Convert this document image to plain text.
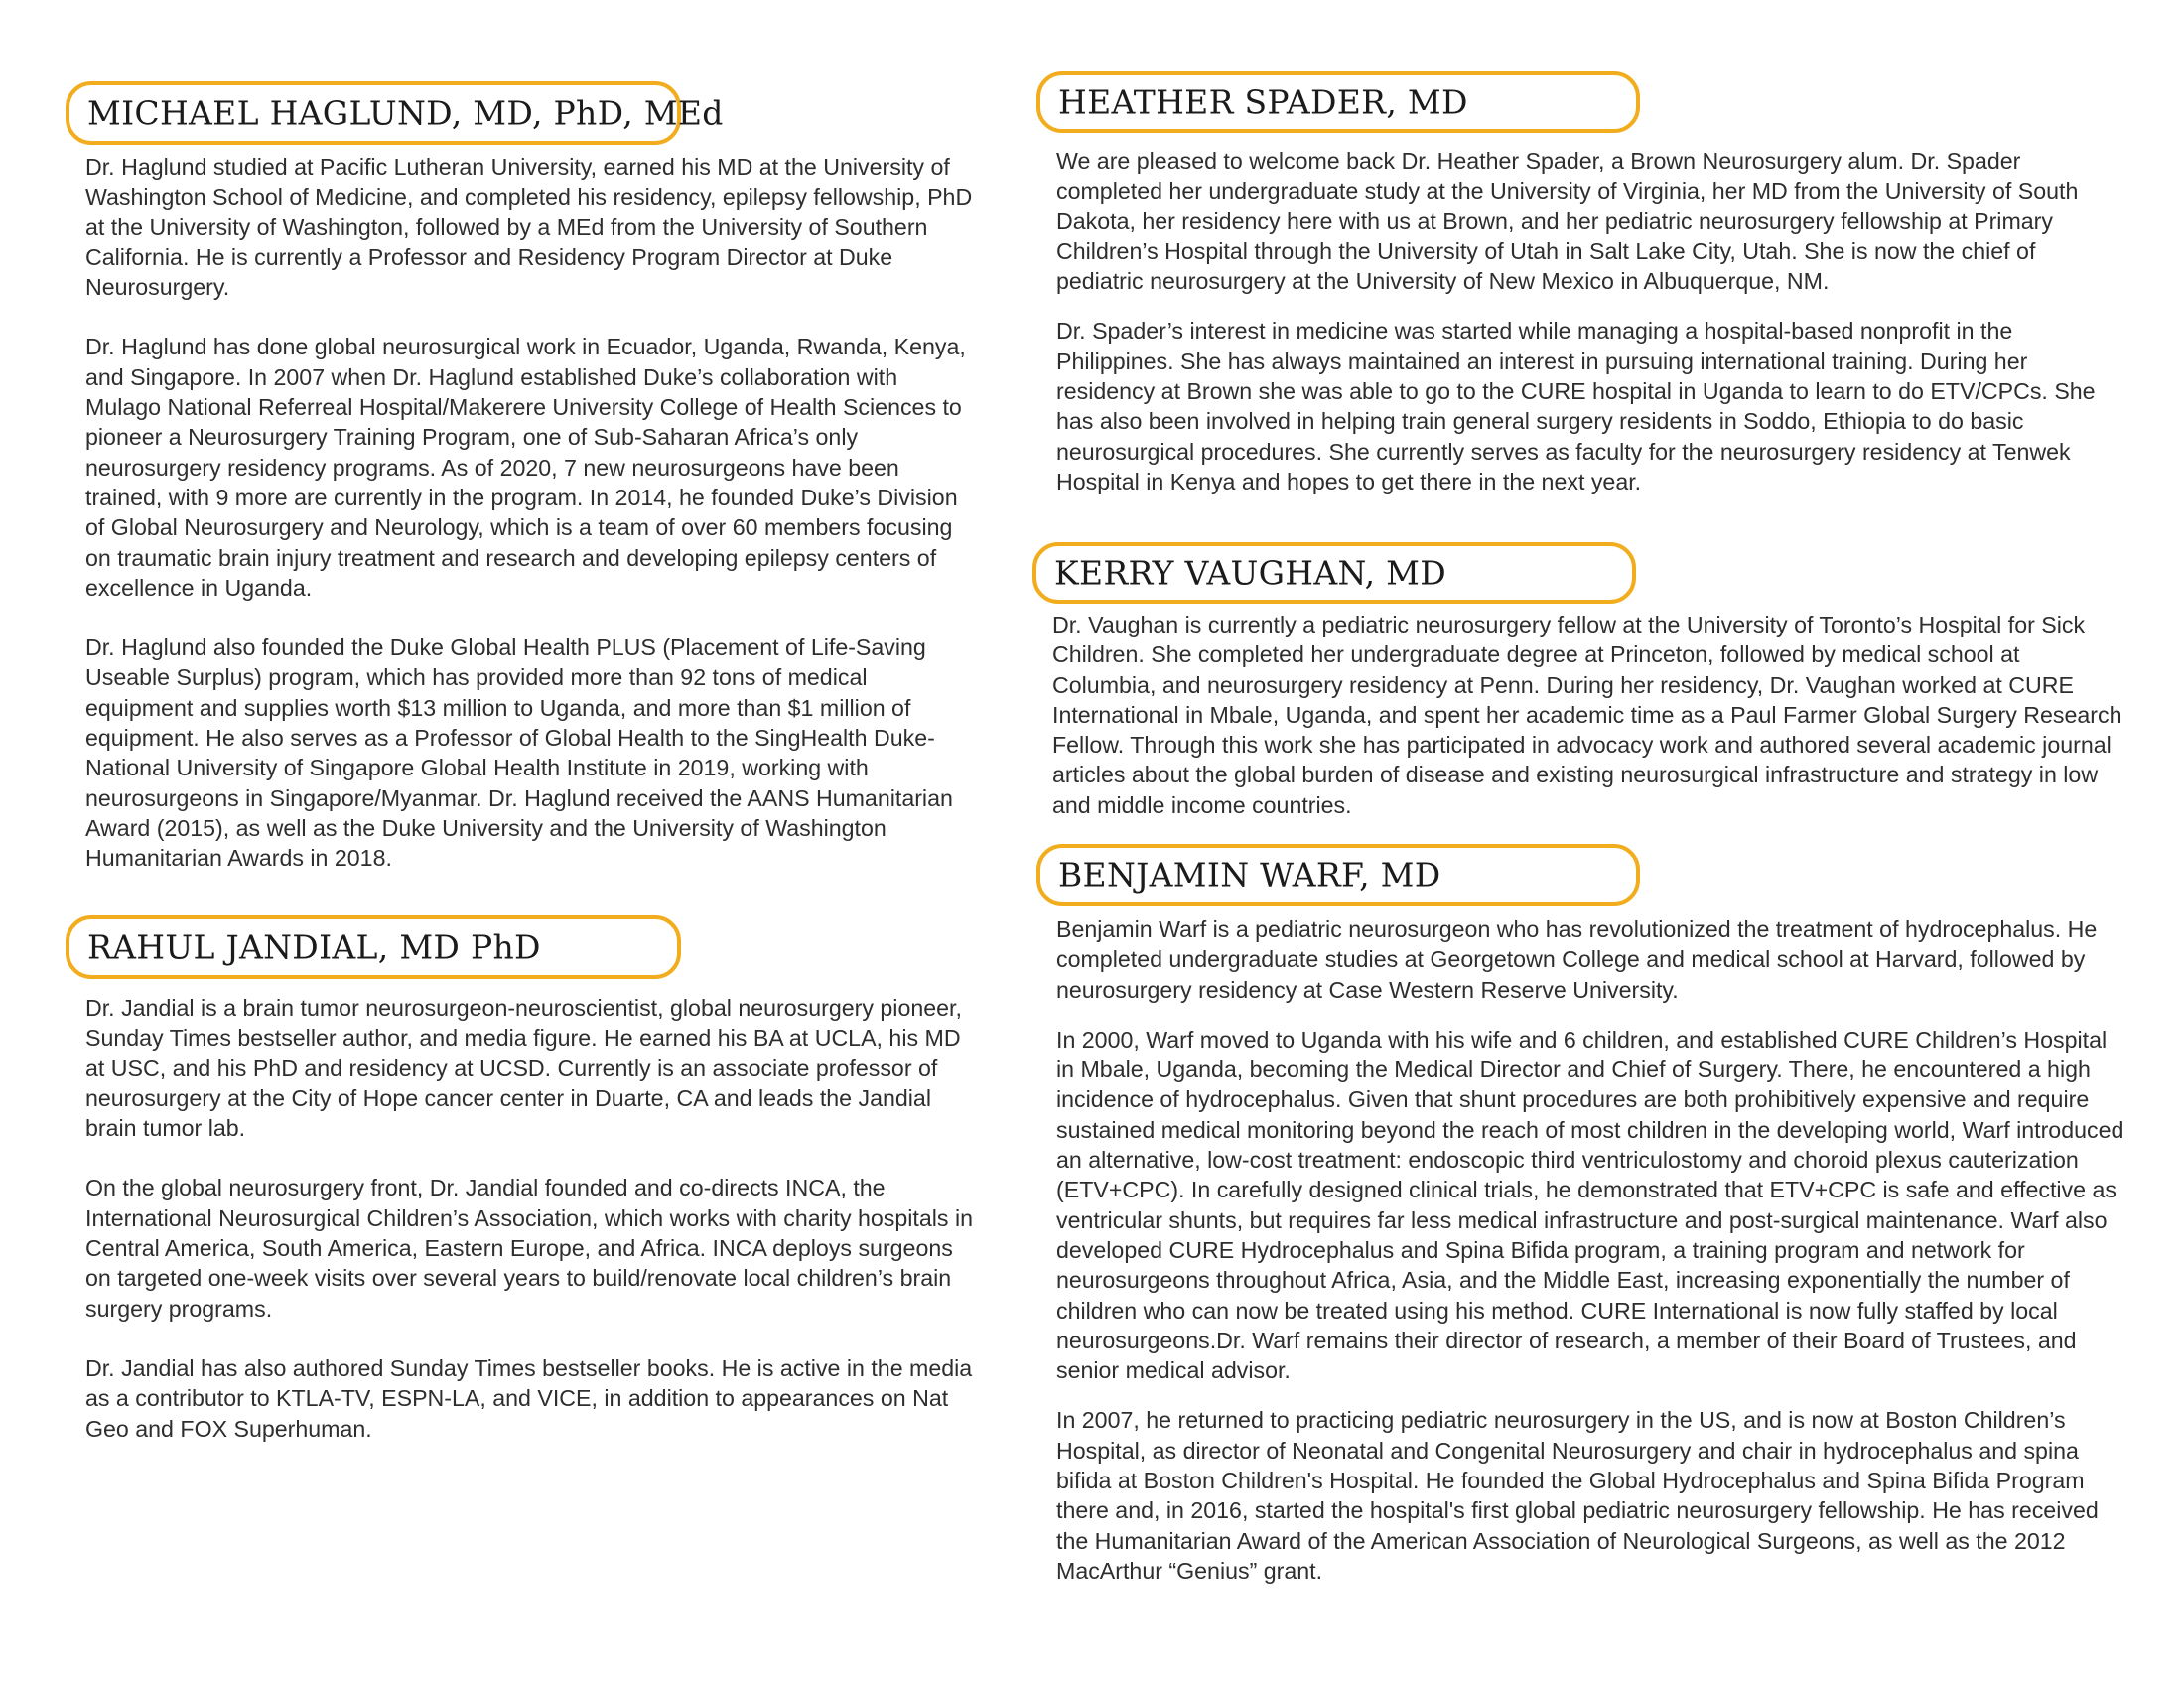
MICHAEL HAGLUND, MD, PhD, MEd

Dr. Haglund studied at Pacific Lutheran University, earned his MD at the University of Washington School of Medicine, and completed his residency, epilepsy fellowship, PhD at the University of Washington, followed by a MEd from the University of Southern California. He is currently a Professor and Residency Program Director at Duke Neurosurgery.

Dr. Haglund has done global neurosurgical work in Ecuador, Uganda, Rwanda, Kenya, and Singapore. In 2007 when Dr. Haglund established Duke’s collaboration with Mulago National Referreal Hospital/Makerere University College of Health Sciences to pioneer a Neurosurgery Training Program, one of Sub-Saharan Africa’s only neurosurgery residency programs. As of 2020, 7 new neurosurgeons have been trained, with 9 more are currently in the program. In 2014, he founded Duke’s Division of Global Neurosurgery and Neurology, which is a team of over 60 members focusing on traumatic brain injury treatment and research and developing epilepsy centers of excellence in Uganda.

Dr. Haglund also founded the Duke Global Health PLUS (Placement of Life-Saving Useable Surplus) program, which has provided more than 92 tons of medical equipment and supplies worth $13 million to Uganda, and more than $1 million of equipment. He also serves as a Professor of Global Health to the SingHealth Duke-National University of Singapore Global Health Institute in 2019, working with neurosurgeons in Singapore/Myanmar. Dr. Haglund received the AANS Humanitarian Award (2015), as well as the Duke University and the University of Washington Humanitarian Awards in 2018.

RAHUL JANDIAL, MD PhD

Dr. Jandial is a brain tumor neurosurgeon-neuroscientist, global neurosurgery pioneer, Sunday Times bestseller author, and media figure. He earned his BA at UCLA, his MD at USC, and his PhD and residency at UCSD. Currently is an associate professor of neurosurgery at the City of Hope cancer center in Duarte, CA and leads the Jandial brain tumor lab.

On the global neurosurgery front, Dr. Jandial founded and co-directs INCA, the International Neurosurgical Children’s Association, which works with charity hospitals in Central America, South America, Eastern Europe, and Africa. INCA deploys surgeons on targeted one-week visits over several years to build/renovate local children’s brain surgery programs.

Dr. Jandial has also authored Sunday Times bestseller books. He is active in the media as a contributor to KTLA-TV, ESPN-LA, and VICE, in addition to appearances on Nat Geo and FOX Superhuman.

HEATHER SPADER, MD

We are pleased to welcome back Dr. Heather Spader, a Brown Neurosurgery alum. Dr. Spader completed her undergraduate study at the University of Virginia, her MD from the University of South Dakota, her residency here with us at Brown, and her pediatric neurosurgery fellowship at Primary Children’s Hospital through the University of Utah in Salt Lake City, Utah. She is now the chief of pediatric neurosurgery at the University of New Mexico in Albuquerque, NM.

Dr. Spader’s interest in medicine was started while managing a hospital-based nonprofit in the Philippines. She has always maintained an interest in pursuing international training. During her residency at Brown she was able to go to the CURE hospital in Uganda to learn to do ETV/CPCs. She has also been involved in helping train general surgery residents in Soddo, Ethiopia to do basic neurosurgical procedures. She currently serves as faculty for the neurosurgery residency at Tenwek Hospital in Kenya and hopes to get there in the next year.

KERRY VAUGHAN, MD

Dr. Vaughan is currently a pediatric neurosurgery fellow at the University of Toronto’s Hospital for Sick Children. She completed her undergraduate degree at Princeton, followed by medical school at Columbia, and neurosurgery residency at Penn. During her residency, Dr. Vaughan worked at CURE International in Mbale, Uganda, and spent her academic time as a Paul Farmer Global Surgery Research Fellow. Through this work she has participated in advocacy work and authored several academic journal articles about the global burden of disease and existing neurosurgical infrastructure and strategy in low and middle income countries.

BENJAMIN WARF, MD

Benjamin Warf is a pediatric neurosurgeon who has revolutionized the treatment of hydrocephalus. He completed undergraduate studies at Georgetown College and medical school at Harvard, followed by neurosurgery residency at Case Western Reserve University.

In 2000, Warf moved to Uganda with his wife and 6 children, and established CURE Children’s Hospital in Mbale, Uganda, becoming the Medical Director and Chief of Surgery. There, he encountered a high incidence of hydrocephalus. Given that shunt procedures are both prohibitively expensive and require sustained medical monitoring beyond the reach of most children in the developing world, Warf introduced an alternative, low-cost treatment: endoscopic third ventriculostomy and choroid plexus cauterization (ETV+CPC). In carefully designed clinical trials, he demonstrated that ETV+CPC is safe and effective as ventricular shunts, but requires far less medical infrastructure and post-surgical maintenance. Warf also developed CURE Hydrocephalus and Spina Bifida program, a training program and network for neurosurgeons throughout Africa, Asia, and the Middle East, increasing exponentially the number of children who can now be treated using his method. CURE International is now fully staffed by local neurosurgeons.Dr. Warf remains their director of research, a member of their Board of Trustees, and senior medical advisor.

In 2007, he returned to practicing pediatric neurosurgery in the US, and is now at Boston Children’s Hospital, as director of Neonatal and Congenital Neurosurgery and chair in hydrocephalus and spina bifida at Boston Children's Hospital. He founded the Global Hydrocephalus and Spina Bifida Program there and, in 2016, started the hospital's first global pediatric neurosurgery fellowship. He has received the Humanitarian Award of the American Association of Neurological Surgeons, as well as the 2012 MacArthur “Genius” grant.
